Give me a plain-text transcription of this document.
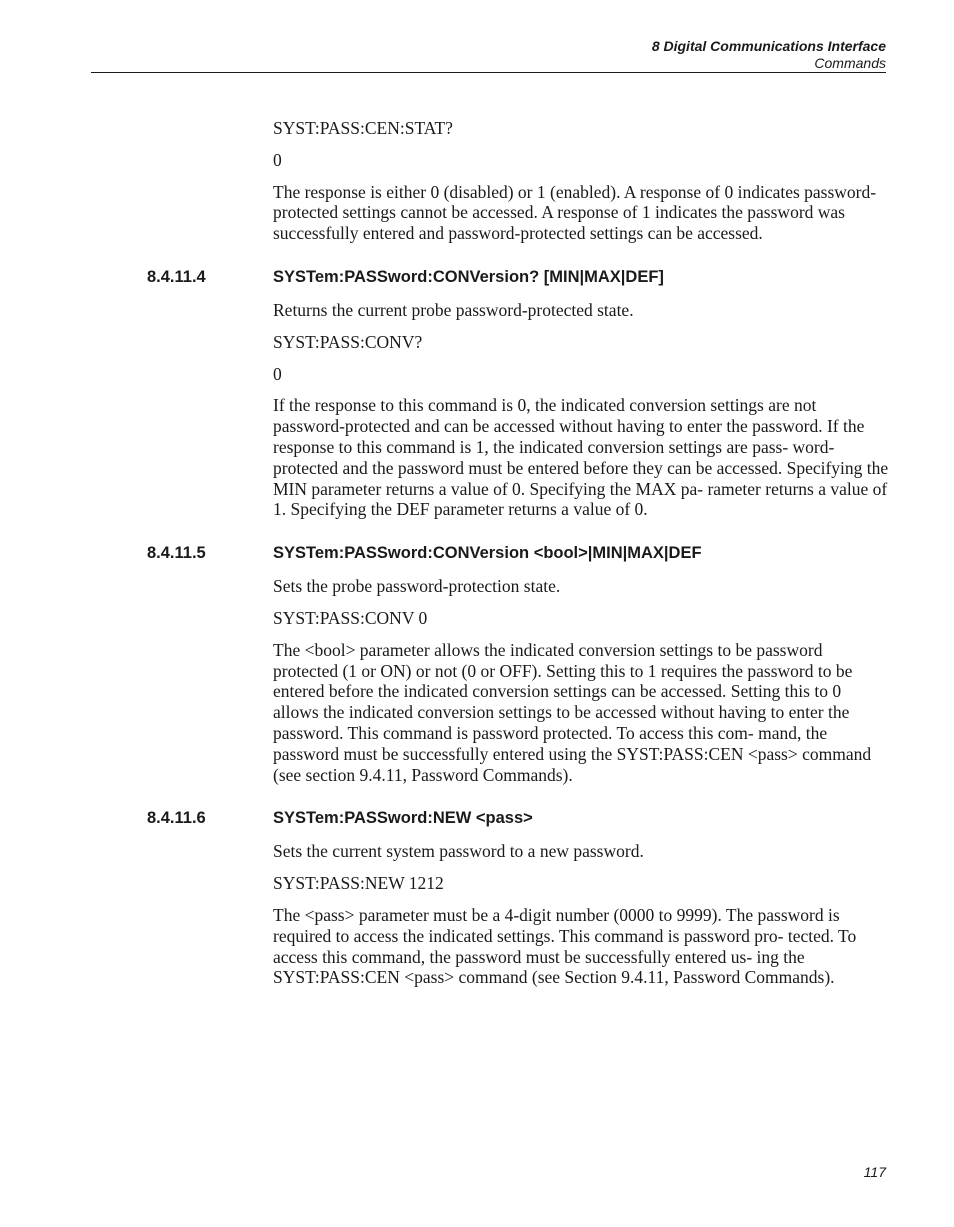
8 Digital Communications Interface
Commands

SYST:PASS:CEN:STAT?

0

The response is either 0 (disabled) or 1 (enabled). A response of 0 indicates password-protected settings cannot be accessed. A response of 1 indicates the password was successfully entered and password-protected settings can be accessed.

8.4.11.4	SYSTem:PASSword:CONVersion? [MIN|MAX|DEF]

Returns the current probe password-protected state.

SYST:PASS:CONV?

0

If the response to this command is 0, the indicated conversion settings are not password-protected and can be accessed without having to enter the password. If the response to this command is 1, the indicated conversion settings are pass- word-protected and the password must be entered before they can be accessed. Specifying the MIN parameter returns a value of 0. Specifying the MAX pa- rameter returns a value of 1. Specifying the DEF parameter returns a value of 0.

8.4.11.5	SYSTem:PASSword:CONVersion <bool>|MIN|MAX|DEF

Sets the probe password-protection state.

SYST:PASS:CONV 0

The <bool> parameter allows the indicated conversion settings to be password protected (1 or ON) or not (0 or OFF). Setting this to 1 requires the password to be entered before the indicated conversion settings can be accessed. Setting this to 0 allows the indicated conversion settings to be accessed without having to enter the password. This command is password protected. To access this com- mand, the password must be successfully entered using the SYST:PASS:CEN <pass> command (see section 9.4.11, Password Commands).

8.4.11.6	SYSTem:PASSword:NEW <pass>

Sets the current system password to a new password.

SYST:PASS:NEW 1212

The <pass> parameter must be a 4-digit number (0000 to 9999). The password is required to access the indicated settings. This command is password pro- tected. To access this command, the password must be successfully entered us- ing the SYST:PASS:CEN <pass> command (see Section 9.4.11, Password Commands).

117
